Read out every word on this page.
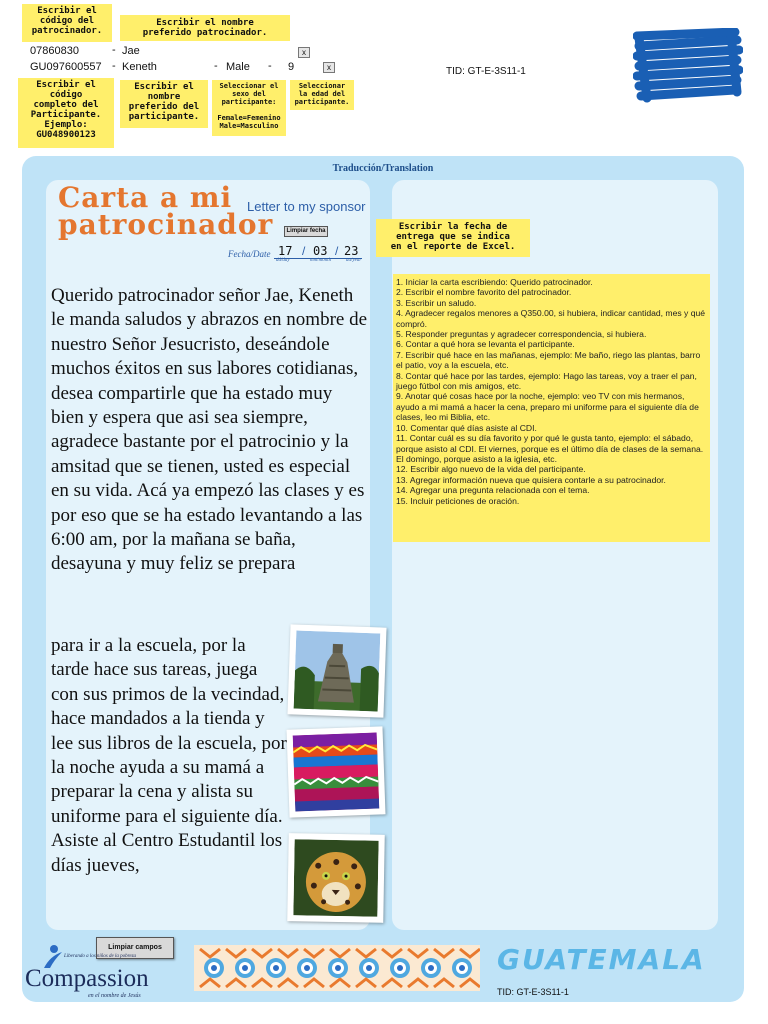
Escribir el
código del
patrocinador.
Escribir el nombre
preferido patrocinador.
07860830	- Jae	x
GU097600557 - Keneth	- Male - 9	x	TID: GT-E-3S11-1
Escribir el
código
completo del
Participante.
Ejemplo:
GU048900123
Escribir el
nombre
preferido del
participante.
Seleccionar el
sexo del
participante:

Female=Femenino
Male=Masculino
Seleccionar
la edad del
participante.
Traducción/Translation
Carta a mi
patrocinador
Letter to my sponsor
Limpiar fecha
Fecha/Date 17 / 03 / 23
dd/day	mm/month	aa/year
Escribir la fecha de
entrega que se indica
en el reporte de Excel.
Querido patrocinador señor Jae, Keneth le manda saludos y abrazos en nombre de nuestro Señor Jesucristo, deseándole muchos éxitos en sus labores cotidianas, desea compartirle que ha estado muy bien y espera que asi sea siempre, agradece bastante por el patrocinio y la amsitad que se tienen, usted es especial en su vida. Acá ya empezó las clases y es por eso que se ha estado levantando a las 6:00 am, por la mañana se baña, desayuna y muy feliz se prepara
para ir a la escuela, por la tarde hace sus tareas, juega con sus primos de la vecindad, hace mandados a la tienda y lee sus libros de la escuela, por la noche ayuda a su mamá a preparar la cena y alista su uniforme para el siguiente día.
Asiste al Centro Estudantil los días jueves,
1. Iniciar la carta escribiendo: Querido patrocinador.
2. Escribir el nombre favorito del patrocinador.
3. Escribir un saludo.
4. Agradecer regalos menores a Q350.00, si hubiera, indicar cantidad, mes y qué compró.
5. Responder preguntas y agradecer correspondencia, si hubiera.
6. Contar a qué hora se levanta el participante.
7. Escribir qué hace en las mañanas, ejemplo: Me baño, riego las plantas, barro el patio, voy a la escuela, etc.
8. Contar qué hace por las tardes, ejemplo: Hago las tareas, voy a traer el pan, juego fútbol con mis amigos, etc.
9. Anotar qué cosas hace por la noche, ejemplo: veo TV con mis hermanos, ayudo a mi mamá a hacer la cena, preparo mi uniforme para el siguiente día de clases, leo mi Biblia, etc.
10. Comentar qué días asiste al CDI.
11. Contar cuál es su día favorito y por qué le gusta tanto, ejemplo: el sábado, porque asisto al CDI. El viernes, porque es el último día de clases de la semana. El domingo, porque asisto a la iglesia, etc.
12. Escribir algo nuevo de la vida del participante.
13. Agregar información nueva que quisiera contarle a su patrocinador.
14. Agregar una pregunta relacionada con el tema.
15. Incluir peticiones de oración.
Limpiar campos
Liberando a los niños de la pobreza
Compassion
en el nombre de Jesús
GUATEMALA
TID: GT-E-3S11-1
